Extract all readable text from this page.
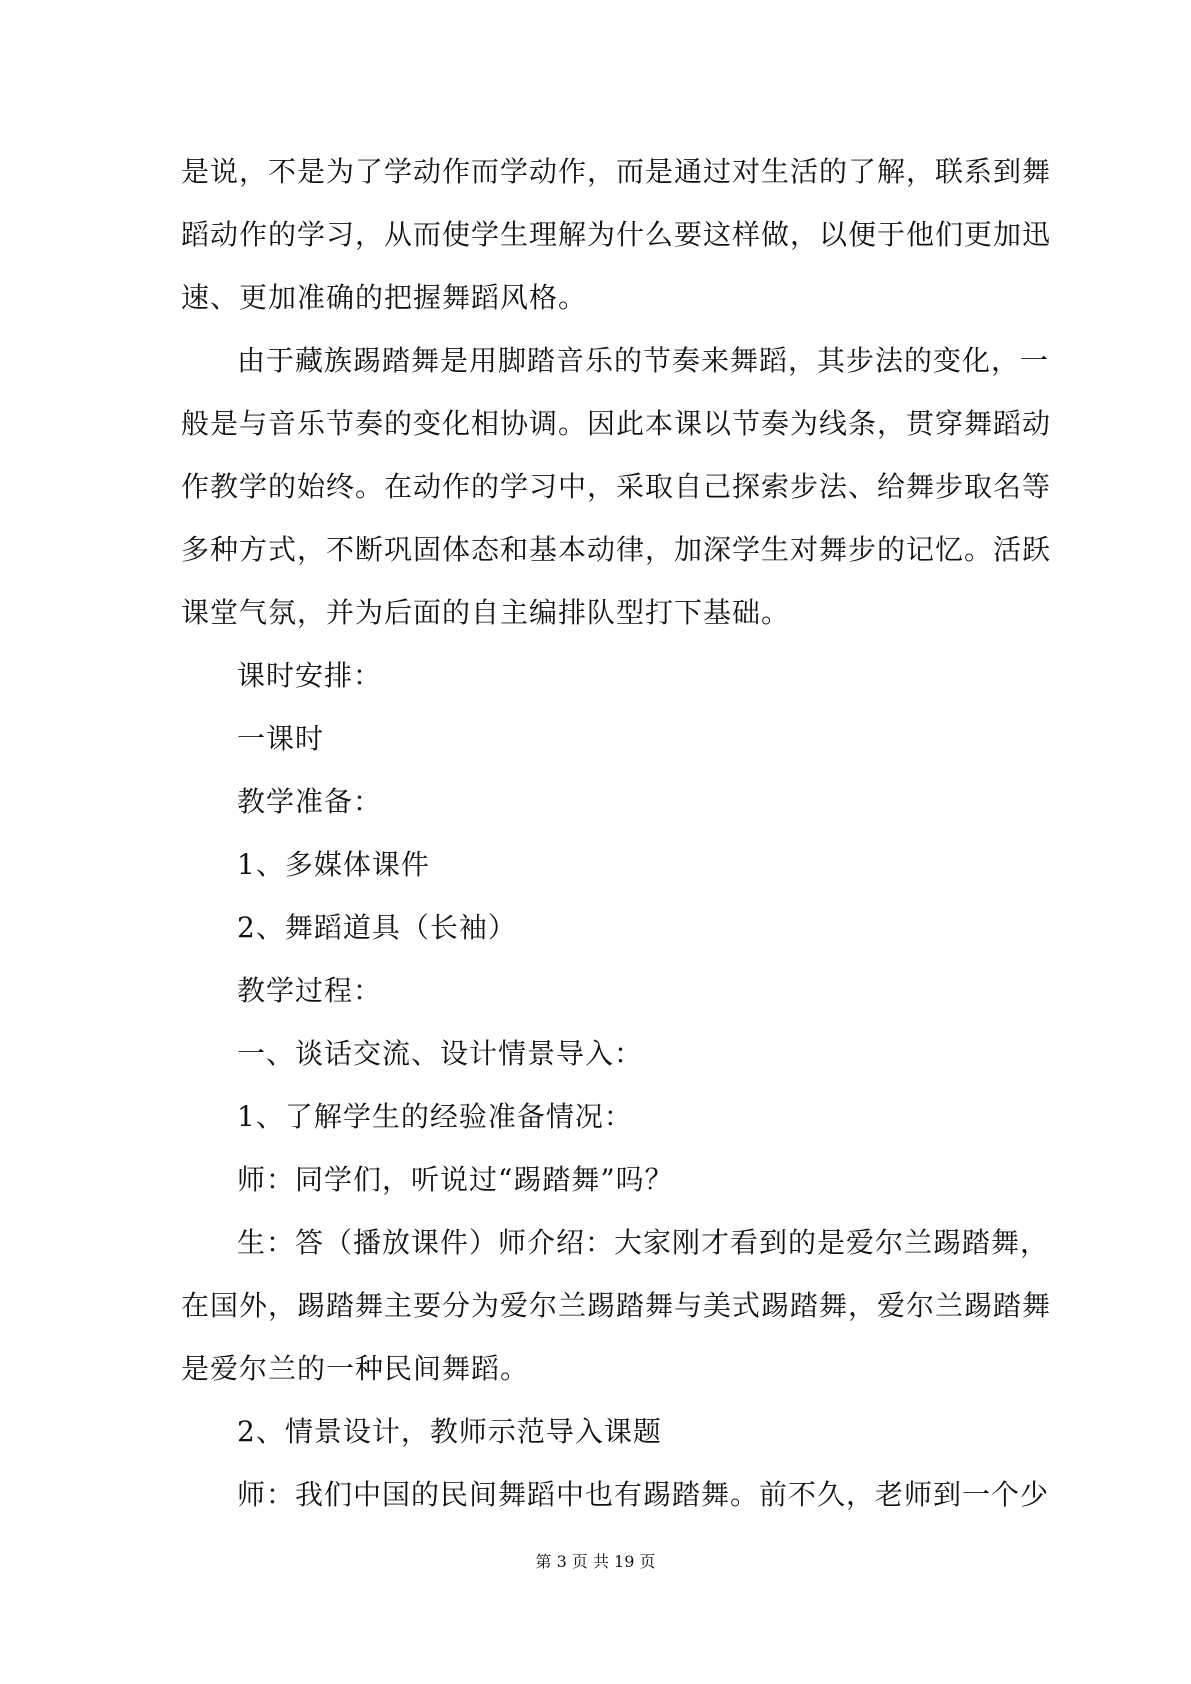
是说，不是为了学动作而学动作，而是通过对生活的了解，联系到舞
蹈动作的学习，从而使学生理解为什么要这样做，以便于他们更加迅
速、更加准确的把握舞蹈风格。
由于藏族踢踏舞是用脚踏音乐的节奏来舞蹈，其步法的变化，一
般是与音乐节奏的变化相协调。因此本课以节奏为线条，贯穿舞蹈动
作教学的始终。在动作的学习中，采取自己探索步法、给舞步取名等
多种方式，不断巩固体态和基本动律，加深学生对舞步的记忆。活跃
课堂气氛，并为后面的自主编排队型打下基础。
课时安排：
一课时
教学准备：
1、多媒体课件
2、舞蹈道具（长袖）
教学过程：
一、谈话交流、设计情景导入：
1、了解学生的经验准备情况：
师：同学们，听说过“踢踏舞”吗？
生：答（播放课件）师介绍：大家刚才看到的是爱尔兰踢踏舞，
在国外，踢踏舞主要分为爱尔兰踢踏舞与美式踢踏舞，爱尔兰踢踏舞
是爱尔兰的一种民间舞蹈。
2、情景设计，教师示范导入课题
师：我们中国的民间舞蹈中也有踢踏舞。前不久，老师到一个少
第 3 页 共 19 页
